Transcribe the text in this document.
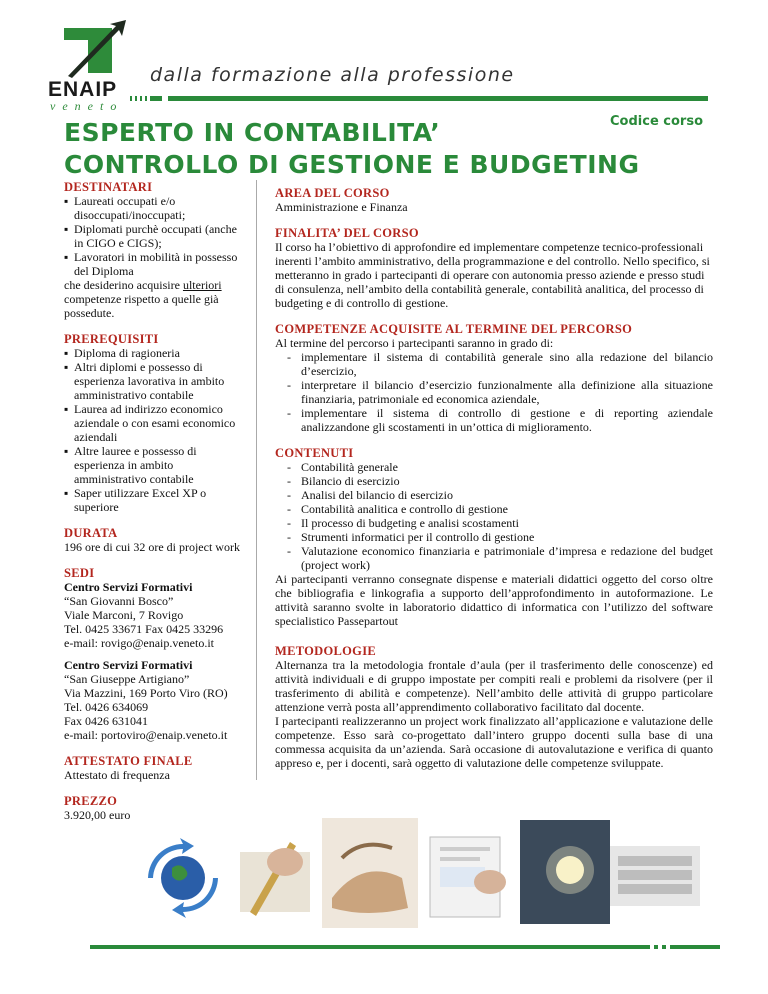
ENAIP
veneto
dalla formazione alla professione
ESPERTO IN CONTABILITA’
CONTROLLO DI GESTIONE E BUDGETING
Codice corso
DESTINATARI
▪ Laureati occupati e/o disoccupati/inoccupati;
▪ Diplomati purchè occupati (anche in CIGO e CIGS);
▪ Lavoratori in mobilità in possesso del Diploma
che desiderino acquisire ulteriori competenze rispetto a quelle già possedute.
PREREQUISITI
▪ Diploma di ragioneria
▪ Altri diplomi e possesso di esperienza lavorativa in ambito amministrativo contabile
▪ Laurea ad indirizzo economico aziendale o con esami economico aziendali
▪ Altre lauree e possesso di esperienza in ambito amministrativo contabile
▪ Saper utilizzare Excel XP o superiore
DURATA
196 ore di cui 32 ore di project work
SEDI
Centro Servizi Formativi
“San Giovanni Bosco”
Viale Marconi, 7 Rovigo
Tel. 0425 33671 Fax 0425 33296
e-mail: rovigo@enaip.veneto.it
Centro Servizi Formativi
“San Giuseppe Artigiano”
Via Mazzini, 169 Porto Viro (RO)
Tel. 0426 634069
Fax 0426 631041
e-mail: portoviro@enaip.veneto.it
ATTESTATO FINALE
Attestato di frequenza
PREZZO
3.920,00 euro
AREA DEL CORSO
Amministrazione e Finanza
FINALITA’ DEL CORSO
Il corso ha l’obiettivo di approfondire ed implementare competenze tecnico-professionali inerenti l’ambito amministrativo, della programmazione e del controllo. Nello specifico, si metteranno in grado i partecipanti di operare con autonomia presso aziende e presso studi di consulenza, nell’ambito della contabilità generale, contabilità analitica, del processo di budgeting e di controllo di gestione.
COMPETENZE ACQUISITE AL TERMINE DEL PERCORSO
Al termine del percorso i partecipanti saranno in grado di:
- implementare il sistema di contabilità generale sino alla redazione del bilancio d’esercizio,
- interpretare il bilancio d’esercizio funzionalmente alla definizione alla situazione finanziaria, patrimoniale ed economica aziendale,
- implementare il sistema di controllo di gestione e di reporting aziendale analizzandone gli scostamenti in un’ottica di miglioramento.
CONTENUTI
- Contabilità generale
- Bilancio di esercizio
- Analisi del bilancio di esercizio
- Contabilità analitica e controllo di gestione
- Il processo di budgeting e analisi scostamenti
- Strumenti informatici per il controllo di gestione
- Valutazione economico finanziaria e patrimoniale d’impresa e redazione del budget (project work)
Ai partecipanti verranno consegnate dispense e materiali didattici oggetto del corso oltre che bibliografia e linkografia a supporto dell’approfondimento in autoformazione. Le attività saranno svolte in laboratorio didattico di informatica con l’utilizzo del software specialistico Passepartout
METODOLOGIE
Alternanza tra la metodologia frontale d’aula (per il trasferimento delle conoscenze) ed attività individuali e di gruppo impostate per compiti reali e problemi da risolvere (per il trasferimento di abilità e competenze). Nell’ambito delle attività di gruppo particolare attenzione verrà posta all’apprendimento collaborativo facilitato dal docente.
I partecipanti realizzeranno un project work finalizzato all’applicazione e valutazione delle competenze. Esso sarà co-progettato dall’intero gruppo docenti sulla base di una commessa acquisita da un’azienda. Sarà occasione di autovalutazione e verifica di quanto appreso e, per i docenti, sarà oggetto di valutazione delle competenze sviluppate.
